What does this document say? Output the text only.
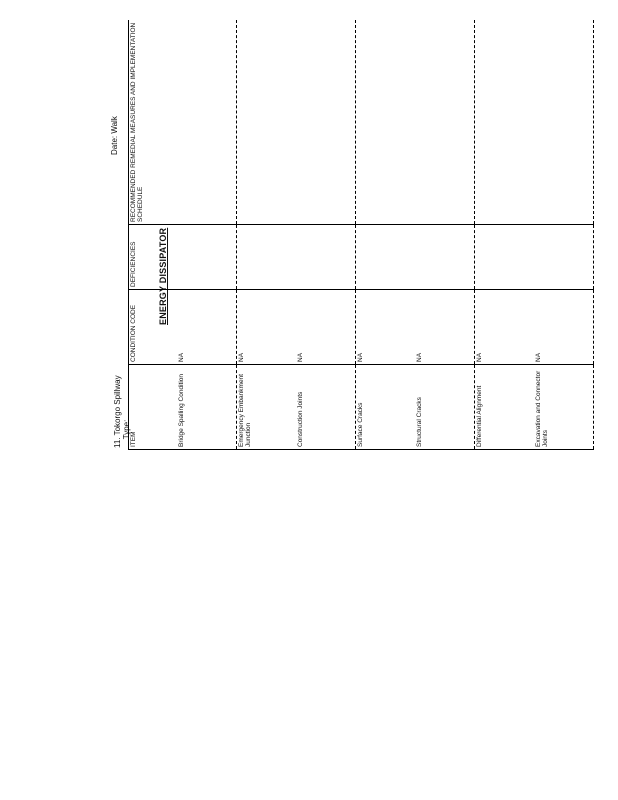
11. Tokorgo Spillway
Type:
ENERGY DISSIPATOR
Date: Walk
ITEM	CONDITION CODE	DEFICIENCIES	RECOMMENDED REMEDIAL MEASURES AND IMPLEMENTATION SCHEDULE
Bridge Spalling Condition	NA		
Emergency Embankment Junction	NA		
Construction Joints	NA		
Surface Cracks	NA		
Structural Cracks	NA		
Differential Alignment	NA		
Excavation and Connector Joints	NA		
